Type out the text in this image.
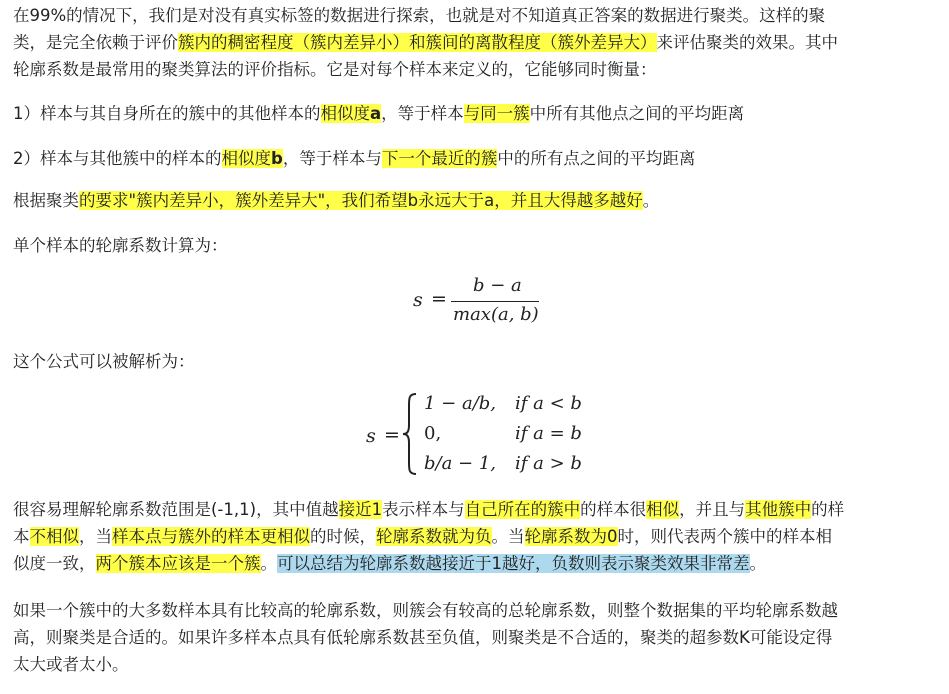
在99%的情况下，我们是对没有真实标签的数据进行探索，也就是对不知道真正答案的数据进行聚类。这样的聚
类，是完全依赖于评价簇内的稠密程度（簇内差异小）和簇间的离散程度（簇外差异大）来评估聚类的效果。其中
轮廓系数是最常用的聚类算法的评价指标。它是对每个样本来定义的，它能够同时衡量：
1）样本与其自身所在的簇中的其他样本的相似度a，等于样本与同一簇中所有其他点之间的平均距离
2）样本与其他簇中的样本的相似度b，等于样本与下一个最近的簇中的所有点之间的平均距离
根据聚类的要求"簇内差异小，簇外差异大"，我们希望b永远大于a，并且大得越多越好。
单个样本的轮廓系数计算为：
s =
b − a
max(a, b)
这个公式可以被解析为：
s =
1 − a/b, if a < b
0,	if a = b
b/a − 1, if a > b
很容易理解轮廓系数范围是(-1,1)，其中值越接近1表示样本与自己所在的簇中的样本很相似，并且与其他簇中的样
本不相似，当样本点与簇外的样本更相似的时候，轮廓系数就为负。当轮廓系数为0时，则代表两个簇中的样本相
似度一致，两个簇本应该是一个簇。可以总结为轮廓系数越接近于1越好，负数则表示聚类效果非常差。
如果一个簇中的大多数样本具有比较高的轮廓系数，则簇会有较高的总轮廓系数，则整个数据集的平均轮廓系数越
高，则聚类是合适的。如果许多样本点具有低轮廓系数甚至负值，则聚类是不合适的，聚类的超参数K可能设定得
太大或者太小。
